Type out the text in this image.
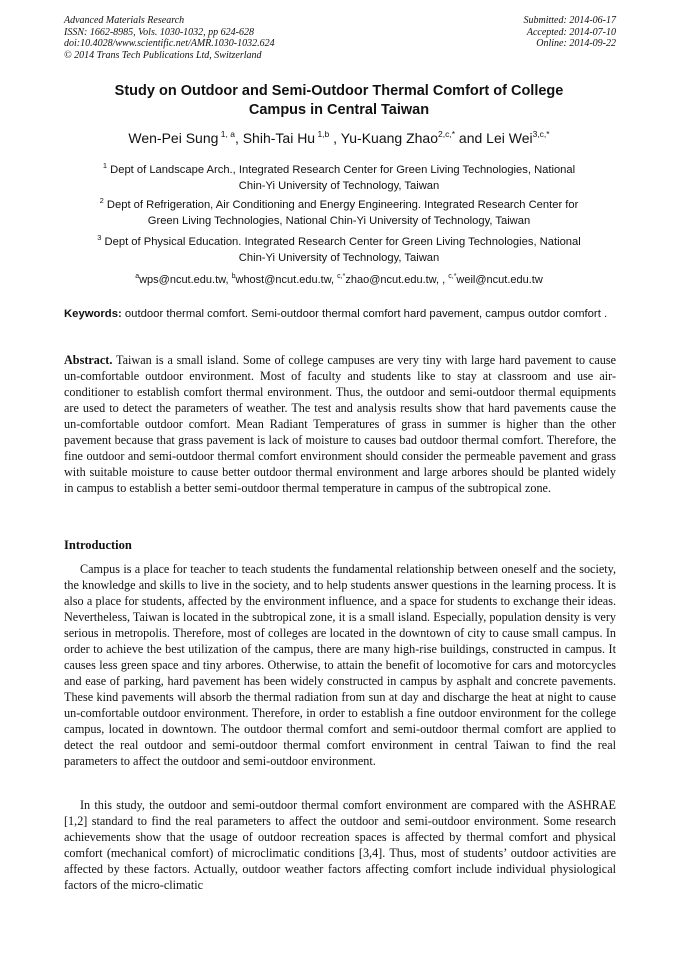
Advanced Materials Research
ISSN: 1662-8985, Vols. 1030-1032, pp 624-628
doi:10.4028/www.scientific.net/AMR.1030-1032.624
© 2014 Trans Tech Publications Ltd, Switzerland
Submitted: 2014-06-17
Accepted: 2014-07-10
Online: 2014-09-22
Study on Outdoor and Semi-Outdoor Thermal Comfort of College
Campus in Central Taiwan
Wen-Pei Sung $^{1, a}$, Shih-Tai Hu $^{1,b}$ , Yu-Kuang Zhao$^{2,c,*}$ and Lei Wei$^{3,c,*}$
$^1$ Dept of Landscape Arch., Integrated Research Center for Green Living Technologies, National
Chin-Yi University of Technology, Taiwan
$^2$ Dept of Refrigeration, Air Conditioning and Energy Engineering. Integrated Research Center for
Green Living Technologies, National Chin-Yi University of Technology, Taiwan
$^3$ Dept of Physical Education. Integrated Research Center for Green Living Technologies, National
Chin-Yi University of Technology, Taiwan
$^a$wps@ncut.edu.tw, $^b$whost@ncut.edu.tw, $^{c,*}$zhao@ncut.edu.tw, , $^{c,*}$weil@ncut.edu.tw
Keywords: outdoor thermal comfort. Semi-outdoor thermal comfort hard pavement, campus outdor comfort .
Abstract. Taiwan is a small island. Some of college campuses are very tiny with large hard pavement to cause un-comfortable outdoor environment. Most of faculty and students like to stay at classroom and use air-conditioner to establish comfort thermal environment. Thus, the outdoor and semi-outdoor thermal equipments are used to detect the parameters of weather. The test and analysis results show that hard pavements cause the un-comfortable outdoor comfort. Mean Radiant Temperatures of grass in summer is higher than the other pavement because that grass pavement is lack of moisture to causes bad outdoor thermal comfort. Therefore, the fine outdoor and semi-outdoor thermal comfort environment should consider the permeable pavement and grass with suitable moisture to cause better outdoor thermal environment and large arbores should be planted widely in campus to establish a better semi-outdoor thermal temperature in campus of the subtropical zone.
Introduction
Campus is a place for teacher to teach students the fundamental relationship between oneself and the society, the knowledge and skills to live in the society, and to help students answer questions in the learning process. It is also a place for students, affected by the environment influence, and a space for students to exchange their ideas. Nevertheless, Taiwan is located in the subtropical zone, it is a small island. Especially, population density is very serious in metropolis. Therefore, most of colleges are located in the downtown of city to cause small campus. In order to achieve the best utilization of the campus, there are many high-rise buildings, constructed in campus. It causes less green space and tiny arbores. Otherwise, to attain the benefit of locomotive for cars and motorcycles and ease of parking, hard pavement has been widely constructed in campus by asphalt and concrete pavements. These kind pavements will absorb the thermal radiation from sun at day and discharge the heat at night to cause un-comfortable outdoor environment. Therefore, in order to establish a fine outdoor environment for the college campus, located in downtown. The outdoor thermal comfort and semi-outdoor thermal comfort are applied to detect the real outdoor and semi-outdoor thermal comfort environment in central Taiwan to find the real parameters to affect the outdoor and semi-outdoor environment.
In this study, the outdoor and semi-outdoor thermal comfort environment are compared with the ASHRAE [1,2] standard to find the real parameters to affect the outdoor and semi-outdoor environment. Some research achievements show that the usage of outdoor recreation spaces is affected by thermal comfort and physical comfort (mechanical comfort) of microclimatic conditions [3,4]. Thus, most of students’ outdoor activities are affected by these factors. Actually, outdoor weather factors affecting comfort include individual physiological factors of the micro-climatic
